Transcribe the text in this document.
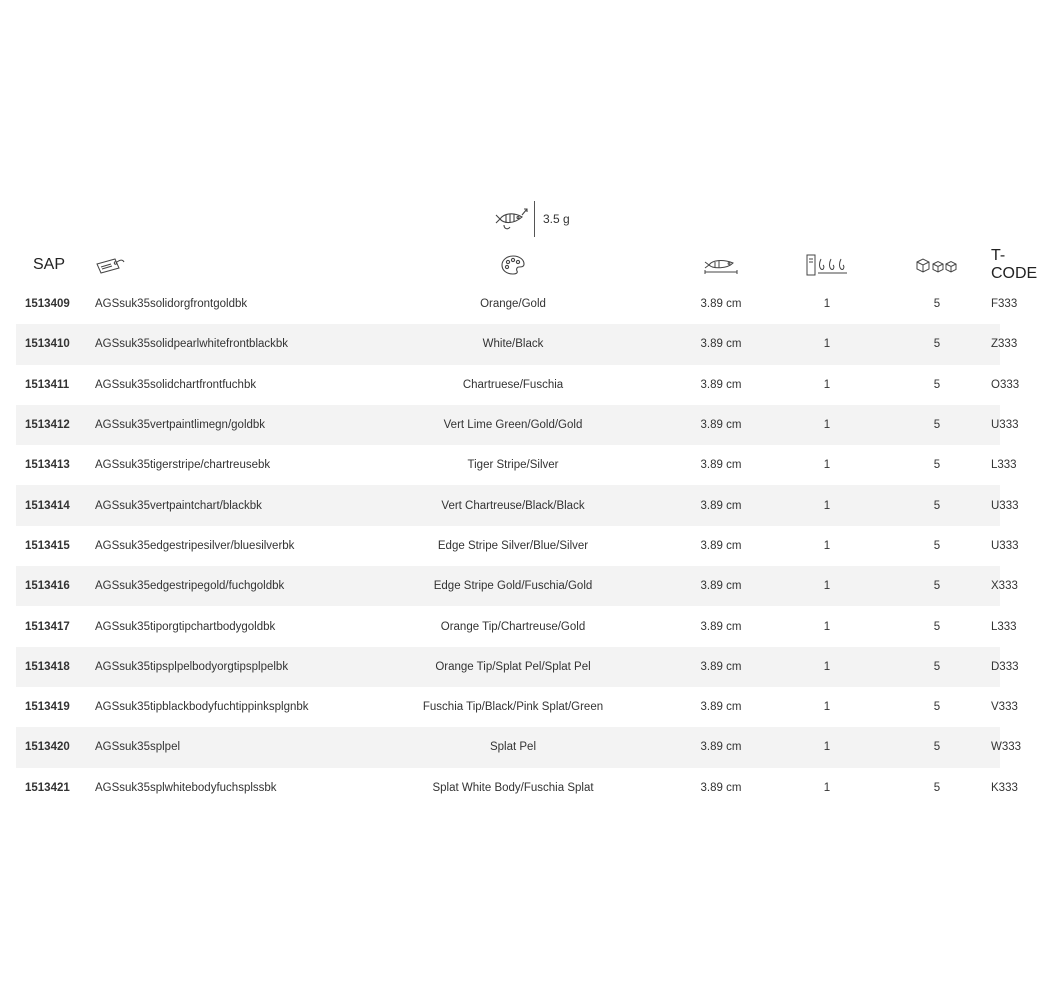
3.5 g
SAP						T-CODE
1513409	AGSsuk35solidorgfrontgoldbk	Orange/Gold	3.89 cm	1	5	F333
1513410	AGSsuk35solidpearlwhitefrontblackbk	White/Black	3.89 cm	1	5	Z333
1513411	AGSsuk35solidchartfrontfuchbk	Chartruese/Fuschia	3.89 cm	1	5	O333
1513412	AGSsuk35vertpaintlimegn/goldbk	Vert Lime Green/Gold/Gold	3.89 cm	1	5	U333
1513413	AGSsuk35tigerstripe/chartreusebk	Tiger Stripe/Silver	3.89 cm	1	5	L333
1513414	AGSsuk35vertpaintchart/blackbk	Vert Chartreuse/Black/Black	3.89 cm	1	5	U333
1513415	AGSsuk35edgestripesilver/bluesilverbk	Edge Stripe Silver/Blue/Silver	3.89 cm	1	5	U333
1513416	AGSsuk35edgestripegold/fuchgoldbk	Edge Stripe Gold/Fuschia/Gold	3.89 cm	1	5	X333
1513417	AGSsuk35tiporgtipchartbodygoldbk	Orange Tip/Chartreuse/Gold	3.89 cm	1	5	L333
1513418	AGSsuk35tipsplpelbodyorgtipsplpelbk	Orange Tip/Splat Pel/Splat Pel	3.89 cm	1	5	D333
1513419	AGSsuk35tipblackbodyfuchtippinksplgnbk	Fuschia Tip/Black/Pink Splat/Green	3.89 cm	1	5	V333
1513420	AGSsuk35splpel	Splat Pel	3.89 cm	1	5	W333
1513421	AGSsuk35splwhitebodyfuchsplssbk	Splat White Body/Fuschia Splat	3.89 cm	1	5	K333
